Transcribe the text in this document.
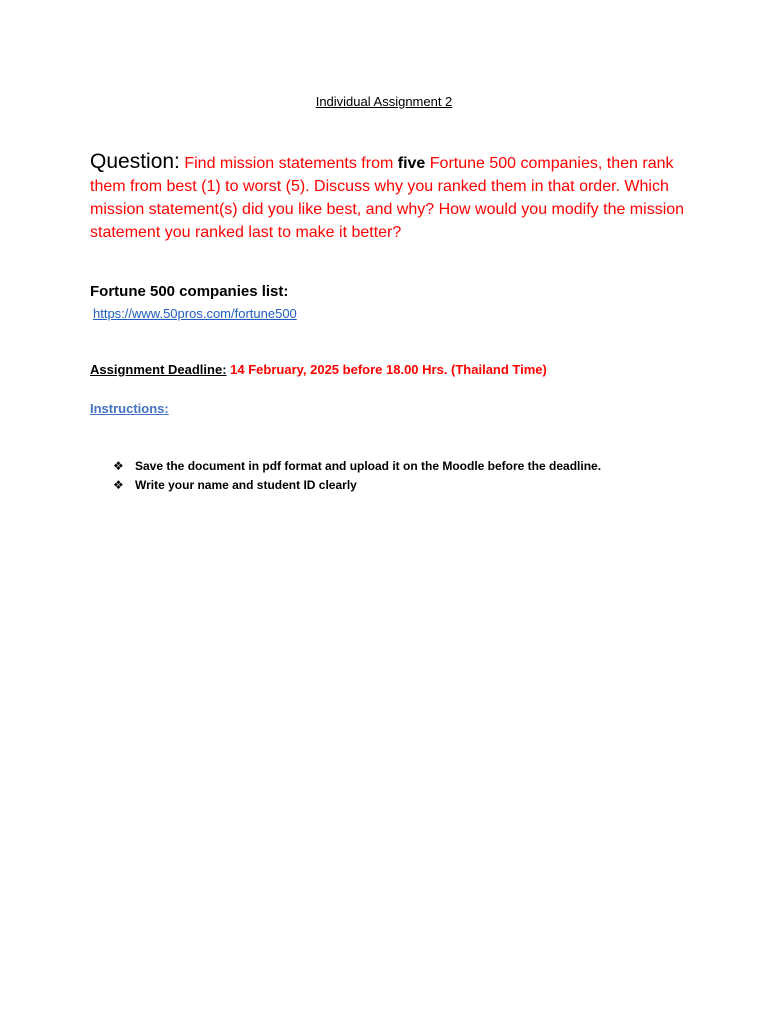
Individual Assignment 2
Question: Find mission statements from five Fortune 500 companies, then rank them from best (1) to worst (5). Discuss why you ranked them in that order. Which mission statement(s) did you like best, and why? How would you modify the mission statement you ranked last to make it better?
Fortune 500 companies list:
https://www.50pros.com/fortune500
Assignment Deadline: 14 February, 2025 before 18.00 Hrs. (Thailand Time)
Instructions:
❖ Save the document in pdf format and upload it on the Moodle before the deadline.
❖ Write your name and student ID clearly
